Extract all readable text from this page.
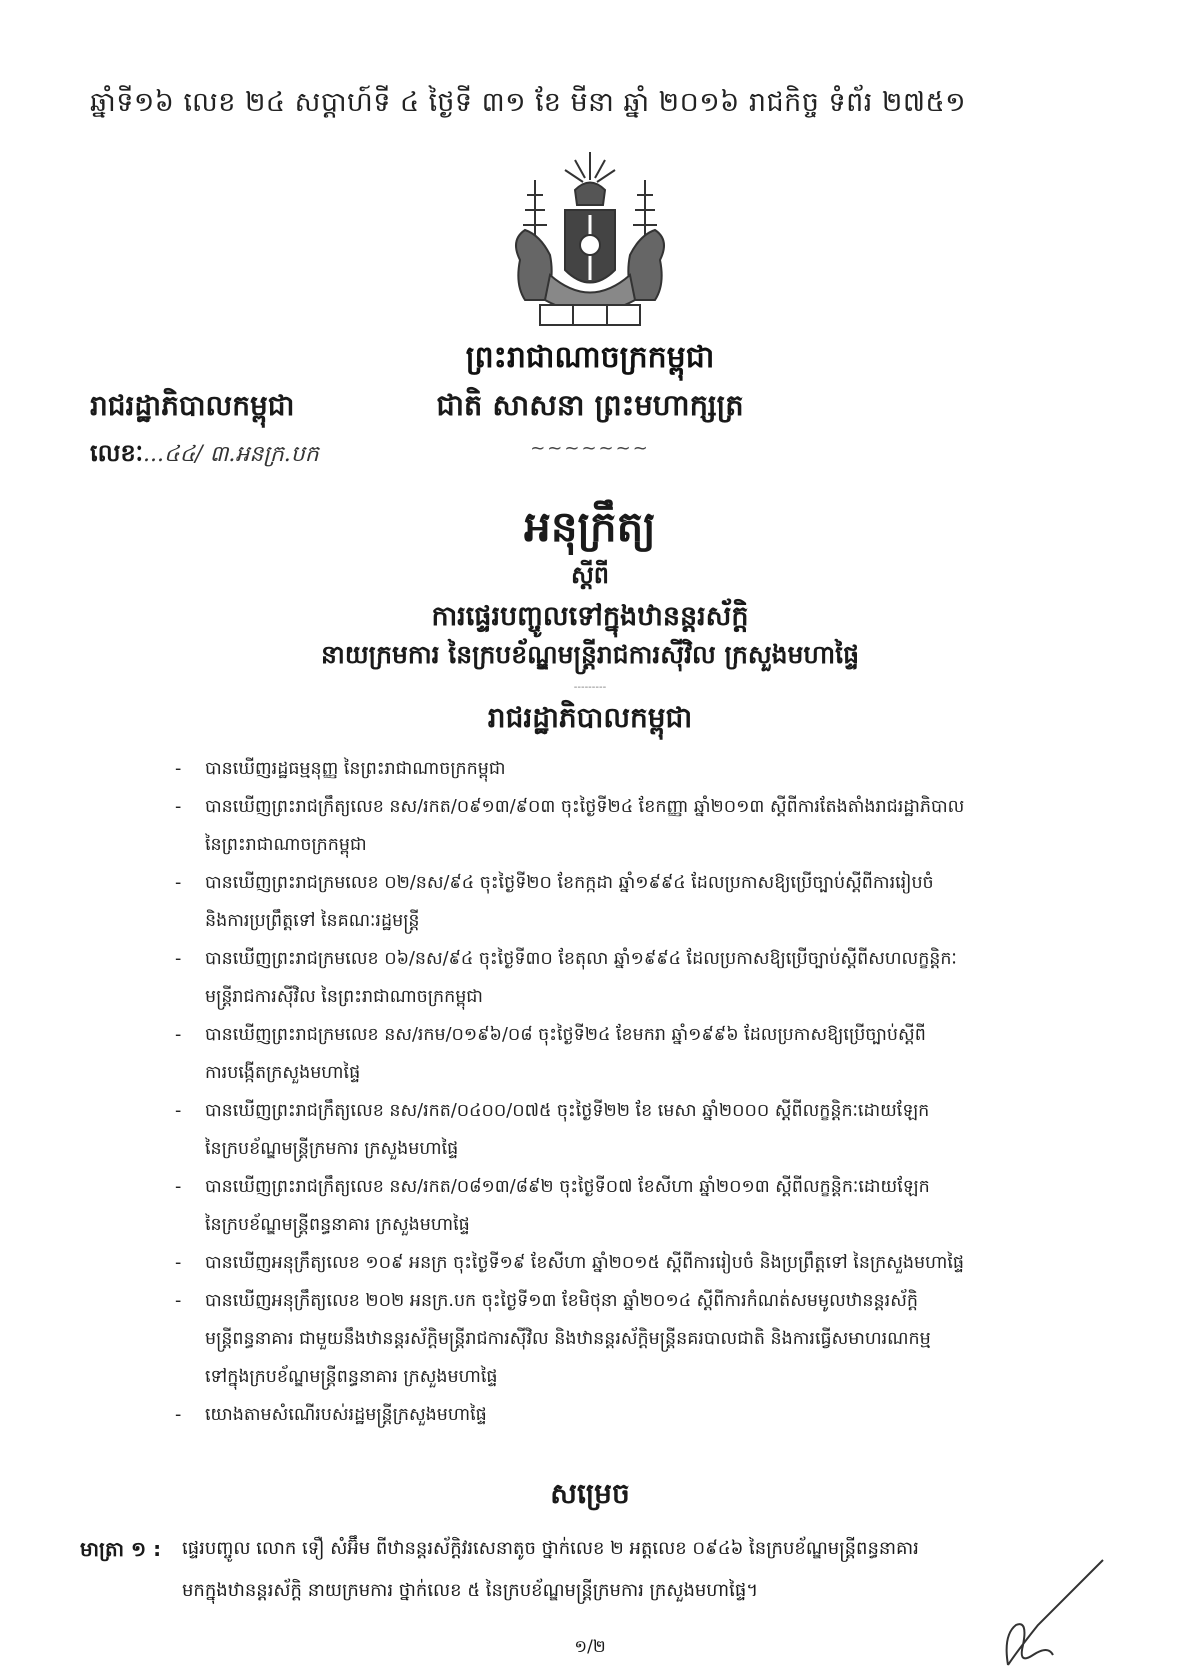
ឆ្នាំទី១៦ លេខ ២៤ សប្តាហ៍ទី ៤ ថ្ងៃទី ៣១ ខែ មីនា ឆ្នាំ ២០១៦ រាជកិច្ច ទំព័រ ២៧៥១
ព្រះរាជាណាចក្រកម្ពុជា
ជាតិ សាសនា ព្រះមហាក្សត្រ
~~~~~~~
រាជរដ្ឋាភិបាលកម្ពុជា
លេខៈ...៤៤/ ៣.អនក្រ.បក
អនុក្រឹត្យ
ស្តីពី
ការផ្ទេរបញ្ចូលទៅក្នុងឋានន្តរស័ក្តិ
នាយក្រមការ នៃក្របខ័ណ្ឌមន្ត្រីរាជការស៊ីវិល ក្រសួងមហាផ្ទៃ
---------
រាជរដ្ឋាភិបាលកម្ពុជា
- បានឃើញរដ្ឋធម្មនុញ្ញ នៃព្រះរាជាណាចក្រកម្ពុជា
- បានឃើញព្រះរាជក្រឹត្យលេខ នស/រកត/០៩១៣/៩០៣ ចុះថ្ងៃទី២៤ ខែកញ្ញា ឆ្នាំ២០១៣ ស្តីពីការតែងតាំងរាជរដ្ឋាភិបាល
នៃព្រះរាជាណាចក្រកម្ពុជា
- បានឃើញព្រះរាជក្រមលេខ ០២/នស/៩៤ ចុះថ្ងៃទី២០ ខែកក្កដា ឆ្នាំ១៩៩៤ ដែលប្រកាសឱ្យប្រើច្បាប់ស្តីពីការរៀបចំ
និងការប្រព្រឹត្តទៅ នៃគណៈរដ្ឋមន្ត្រី
- បានឃើញព្រះរាជក្រមលេខ ០៦/នស/៩៤ ចុះថ្ងៃទី៣០ ខែតុលា ឆ្នាំ១៩៩៤ ដែលប្រកាសឱ្យប្រើច្បាប់ស្តីពីសហលក្ខន្តិកៈ
មន្ត្រីរាជការស៊ីវិល នៃព្រះរាជាណាចក្រកម្ពុជា
- បានឃើញព្រះរាជក្រមលេខ នស/រកម/០១៩៦/០៨ ចុះថ្ងៃទី២៤ ខែមករា ឆ្នាំ១៩៩៦ ដែលប្រកាសឱ្យប្រើច្បាប់ស្តីពី
ការបង្កើតក្រសួងមហាផ្ទៃ
- បានឃើញព្រះរាជក្រឹត្យលេខ នស/រកត/០៤០០/០៧៥ ចុះថ្ងៃទី២២ ខែ មេសា ឆ្នាំ២០០០ ស្តីពីលក្ខន្តិកៈដោយឡែក
នៃក្របខ័ណ្ឌមន្ត្រីក្រមការ ក្រសួងមហាផ្ទៃ
- បានឃើញព្រះរាជក្រឹត្យលេខ នស/រកត/០៨១៣/៨៩២ ចុះថ្ងៃទី០៧ ខែសីហា ឆ្នាំ២០១៣ ស្តីពីលក្ខន្តិកៈដោយឡែក
នៃក្របខ័ណ្ឌមន្ត្រីពន្ធនាគារ ក្រសួងមហាផ្ទៃ
- បានឃើញអនុក្រឹត្យលេខ ១០៩ អនក្រ ចុះថ្ងៃទី១៩ ខែសីហា ឆ្នាំ២០១៥ ស្តីពីការរៀបចំ និងប្រព្រឹត្តទៅ នៃក្រសួងមហាផ្ទៃ
- បានឃើញអនុក្រឹត្យលេខ ២០២ អនក្រ.បក ចុះថ្ងៃទី១៣ ខែមិថុនា ឆ្នាំ២០១៤ ស្តីពីការកំណត់សមមូលឋានន្តរស័ក្តិ
មន្ត្រីពន្ធនាគារ ជាមួយនឹងឋានន្តរស័ក្តិមន្ត្រីរាជការស៊ីវិល និងឋានន្តរស័ក្តិមន្ត្រីនគរបាលជាតិ និងការធ្វើសមាហរណកម្ម
ទៅក្នុងក្របខ័ណ្ឌមន្ត្រីពន្ធនាគារ ក្រសួងមហាផ្ទៃ
- យោងតាមសំណើរបស់រដ្ឋមន្ត្រីក្រសួងមហាផ្ទៃ
សម្រេច
មាត្រា ១ : ផ្ទេរបញ្ចូល លោក ទឿ សំអ៊ឹម ពីឋានន្តរស័ក្តិវរសេនាតូច ថ្នាក់លេខ ២ អត្តលេខ ០៩៤៦ នៃក្របខ័ណ្ឌមន្ត្រីពន្ធនាគារ
មកក្នុងឋានន្តរស័ក្តិ នាយក្រមការ ថ្នាក់លេខ ៥ នៃក្របខ័ណ្ឌមន្ត្រីក្រមការ ក្រសួងមហាផ្ទៃ។
១/២
